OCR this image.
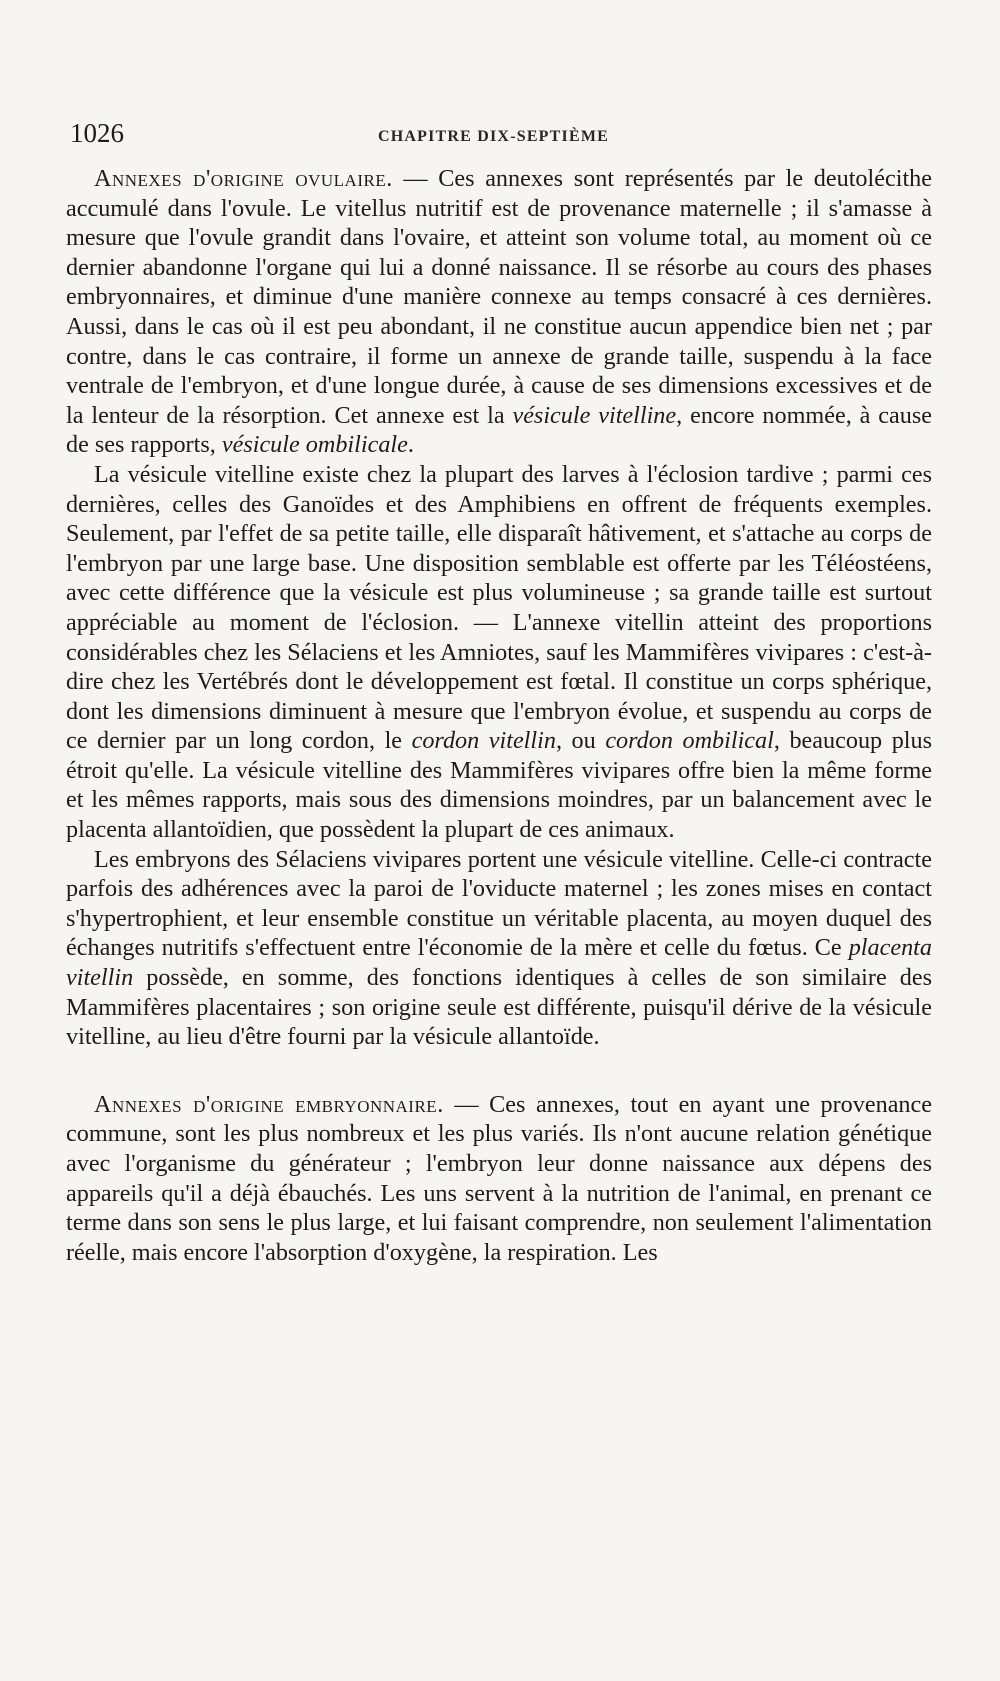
1026	CHAPITRE DIX-SEPTIÈME

Annexes d'origine ovulaire. — Ces annexes sont représentés par le deutolécithe accumulé dans l'ovule. Le vitellus nutritif est de provenance maternelle ; il s'amasse à mesure que l'ovule grandit dans l'ovaire, et atteint son volume total, au moment où ce dernier abandonne l'organe qui lui a donné naissance. Il se résorbe au cours des phases embryonnaires, et diminue d'une manière connexe au temps consacré à ces dernières. Aussi, dans le cas où il est peu abondant, il ne constitue aucun appendice bien net ; par contre, dans le cas contraire, il forme un annexe de grande taille, suspendu à la face ventrale de l'embryon, et d'une longue durée, à cause de ses dimensions excessives et de la lenteur de la résorption. Cet annexe est la vésicule vitelline, encore nommée, à cause de ses rapports, vésicule ombilicale.

La vésicule vitelline existe chez la plupart des larves à l'éclosion tardive ; parmi ces dernières, celles des Ganoïdes et des Amphibiens en offrent de fréquents exemples. Seulement, par l'effet de sa petite taille, elle disparaît hâtivement, et s'attache au corps de l'embryon par une large base. Une disposition semblable est offerte par les Téléostéens, avec cette différence que la vésicule est plus volumineuse ; sa grande taille est surtout appréciable au moment de l'éclosion. — L'annexe vitellin atteint des proportions considérables chez les Sélaciens et les Amniotes, sauf les Mammifères vivipares : c'est-à-dire chez les Vertébrés dont le développement est fœtal. Il constitue un corps sphérique, dont les dimensions diminuent à mesure que l'embryon évolue, et suspendu au corps de ce dernier par un long cordon, le cordon vitellin, ou cordon ombilical, beaucoup plus étroit qu'elle. La vésicule vitelline des Mammifères vivipares offre bien la même forme et les mêmes rapports, mais sous des dimensions moindres, par un balancement avec le placenta allantoïdien, que possèdent la plupart de ces animaux.

Les embryons des Sélaciens vivipares portent une vésicule vitelline. Celle-ci contracte parfois des adhérences avec la paroi de l'oviducte maternel ; les zones mises en contact s'hypertrophient, et leur ensemble constitue un véritable placenta, au moyen duquel des échanges nutritifs s'effectuent entre l'économie de la mère et celle du fœtus. Ce placenta vitellin possède, en somme, des fonctions identiques à celles de son similaire des Mammifères placentaires ; son origine seule est différente, puisqu'il dérive de la vésicule vitelline, au lieu d'être fourni par la vésicule allantoïde.

Annexes d'origine embryonnaire. — Ces annexes, tout en ayant une provenance commune, sont les plus nombreux et les plus variés. Ils n'ont aucune relation génétique avec l'organisme du générateur ; l'embryon leur donne naissance aux dépens des appareils qu'il a déjà ébauchés. Les uns servent à la nutrition de l'animal, en prenant ce terme dans son sens le plus large, et lui faisant comprendre, non seulement l'alimentation réelle, mais encore l'absorption d'oxygène, la respiration. Les
